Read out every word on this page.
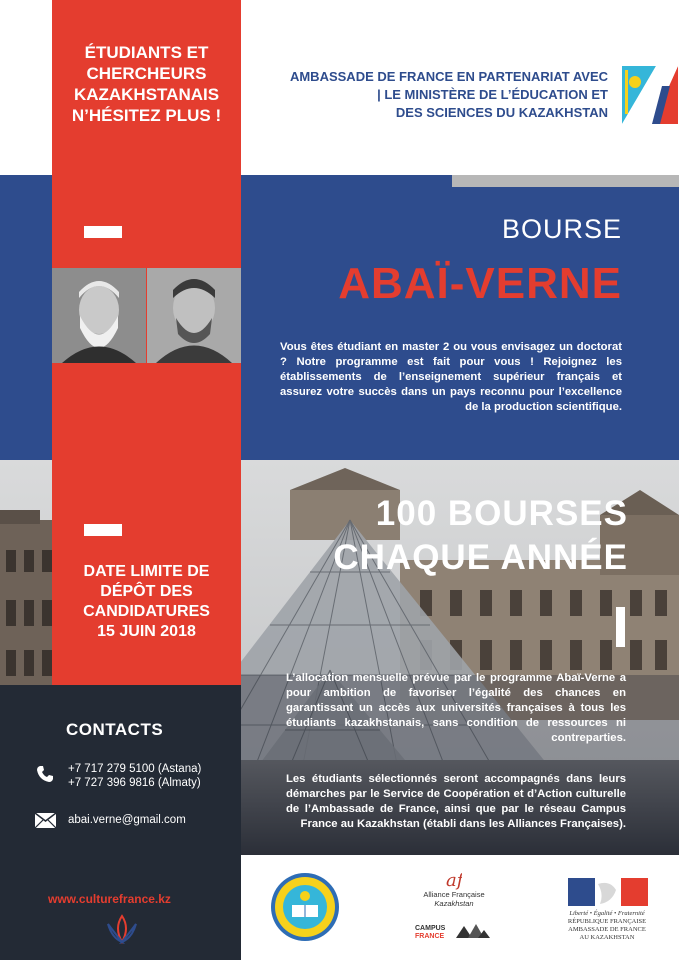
ÉTUDIANTS ET
CHERCHEURS
KAZAKHSTANAIS
N’HÉSITEZ PLUS !
AMBASSADE DE FRANCE EN PARTENARIAT AVEC
| LE MINISTÈRE DE L’ÉDUCATION ET
DES SCIENCES DU KAZAKHSTAN
BOURSE
ABAÏ-VERNE
Vous êtes étudiant en master 2 ou vous envisagez un doctorat ? Notre programme est fait pour vous ! Rejoignez les établissements de l’enseignement supérieur français et assurez votre succès dans un pays reconnu pour l’excellence de la production scientifique.
100 BOURSES
CHAQUE ANNÉE
DATE LIMITE DE
DÉPÔT DES
CANDIDATURES
15 JUIN 2018
L’allocation mensuelle prévue par le programme Abaï-Verne a pour ambition de favoriser l’égalité des chances en garantissant un accès aux universités françaises à tous les étudiants kazakhstanais, sans condition de ressources ni contreparties.
Les étudiants sélectionnés seront accompagnés dans leurs démarches par le Service de Coopération et d’Action culturelle de l’Ambassade de France, ainsi que par le réseau Campus France au Kazakhstan (établi dans les Alliances Françaises).
CONTACTS
+7 717 279 5100 (Astana)
+7 727 396 9816 (Almaty)
abai.verne@gmail.com
www.culturefrance.kz
af
Alliance Française
Kazakhstan
CAMPUS
FRANCE
Liberté • Égalité • Fraternité
RÉPUBLIQUE FRANÇAISE
AMBASSADE DE FRANCE
AU KAZAKHSTAN
